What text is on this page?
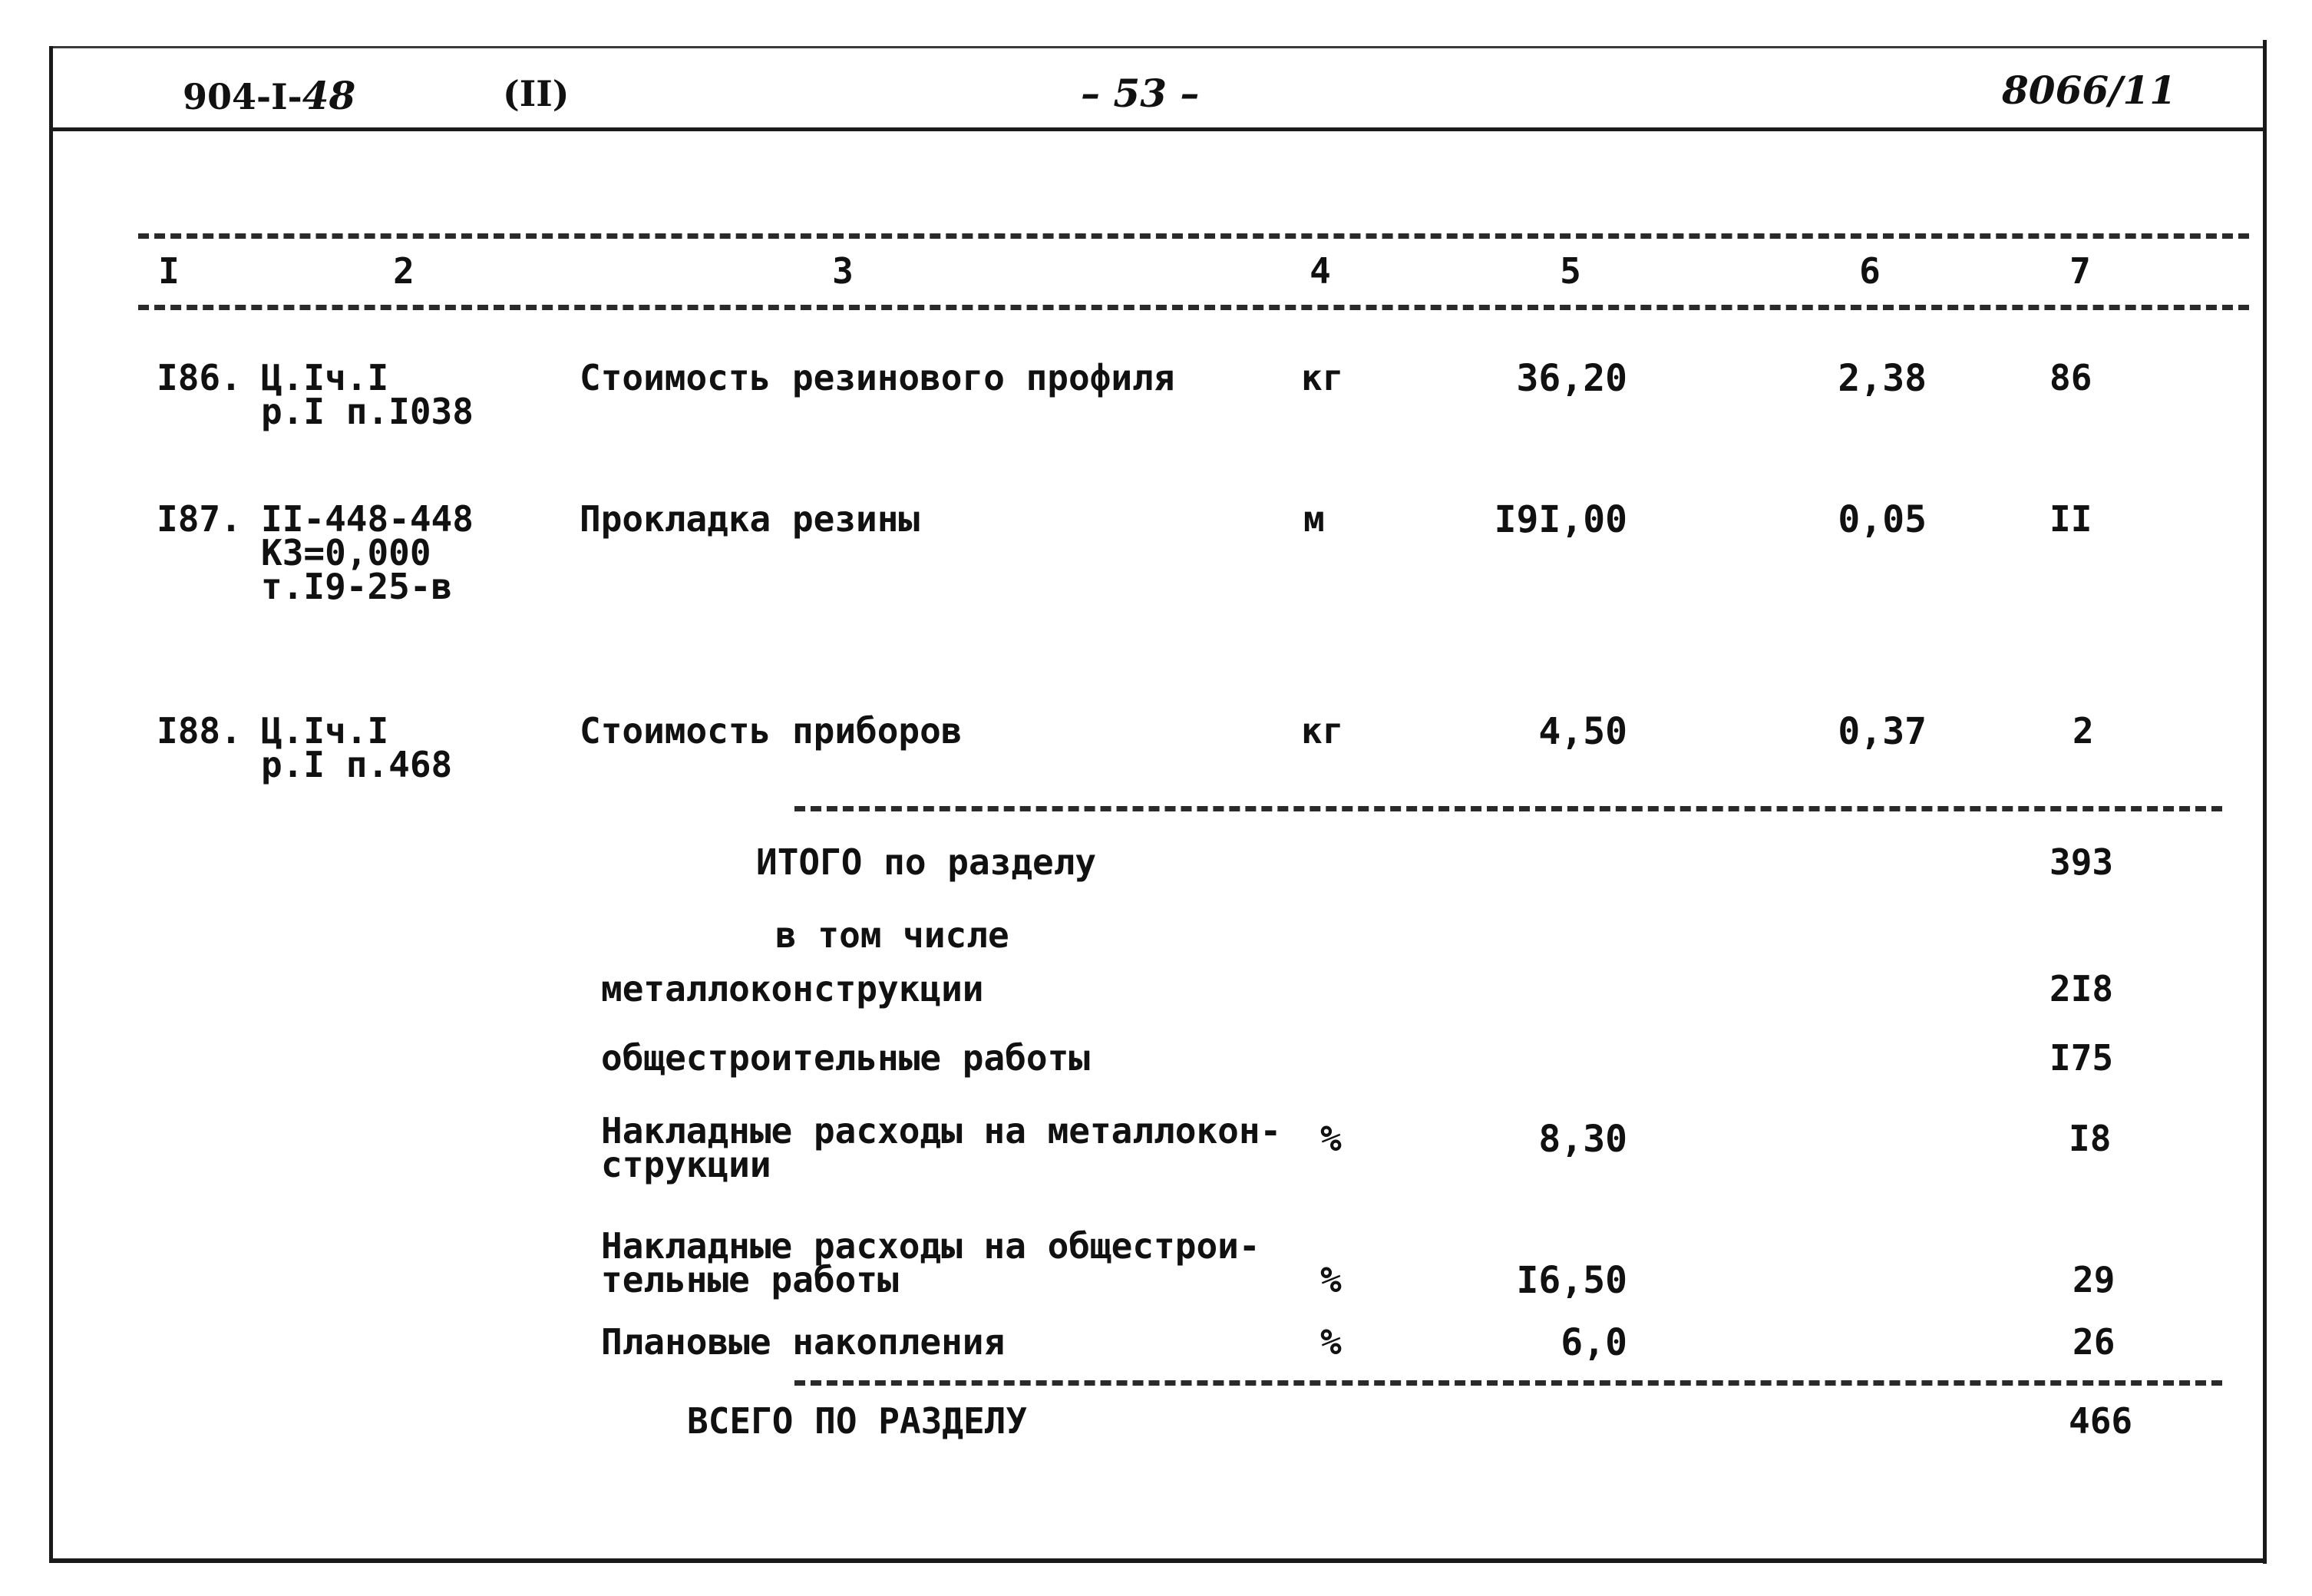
904-I-48	(II)	– 53 –	8066/11
I	2	3	4	5	6	7
I86. Ц.Iч.I
р.I п.I038
Стоимость резинового профиля	кг	36,20	2,38	86
I87. II-448-448
К3=0,000
т.I9-25-в
Прокладка резины	м	I9I,00	0,05	II
I88. Ц.Iч.I
р.I п.468
Стоимость приборов	кг	4,50	0,37	2
ИТОГО по разделу	393
в том числе
металлоконструкции	2I8
общестроительные работы	I75
Накладные расходы на металлокон-
струкции
%	8,30	I8
Накладные расходы на общестрои-
тельные работы	%	I6,50	29
Плановые накопления	%	6,0	26
ВСЕГО ПО РАЗДЕЛУ	466
